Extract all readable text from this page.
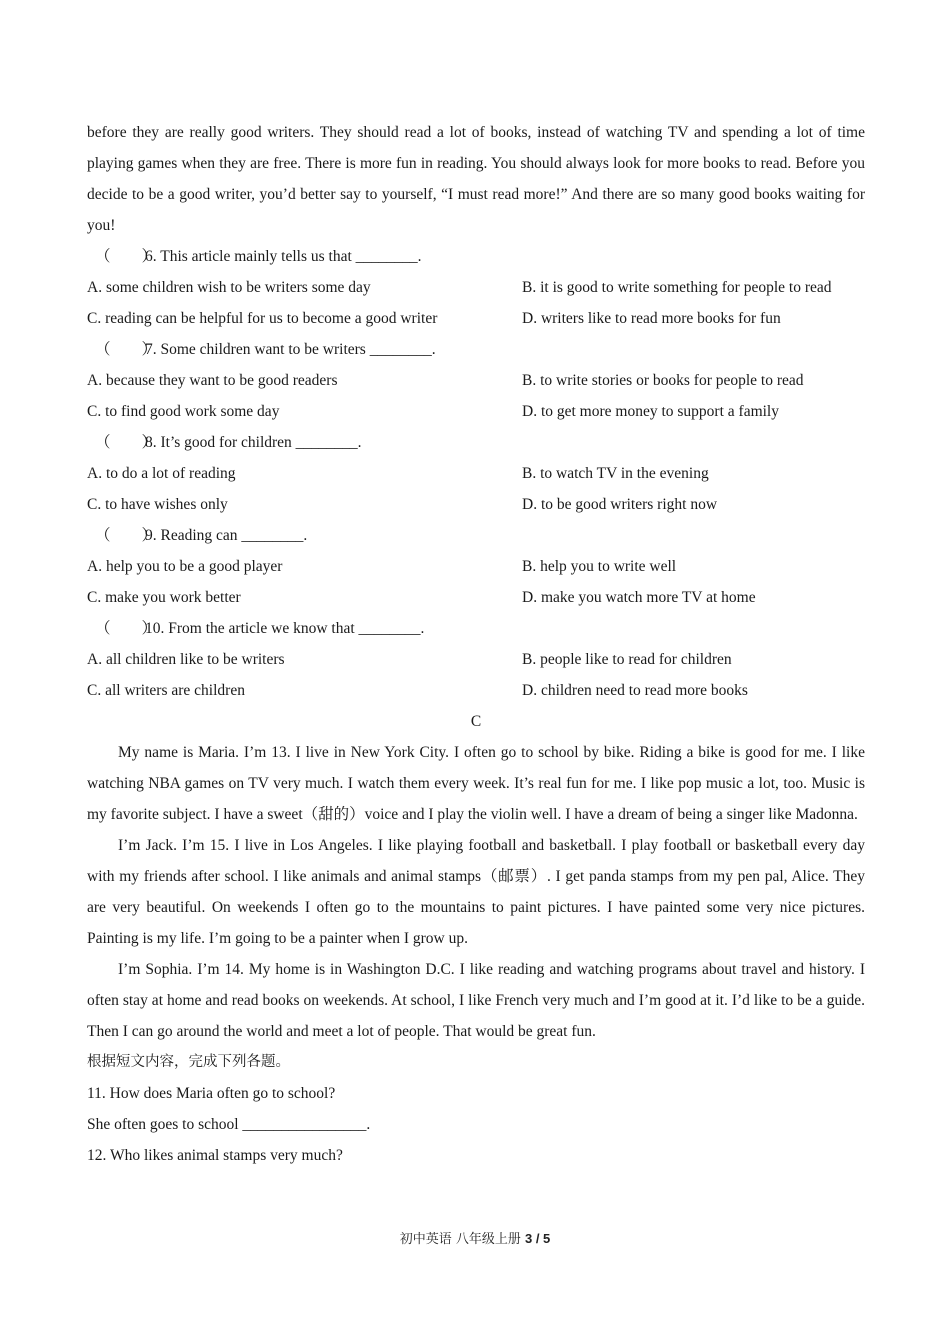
before they are really good writers. They should read a lot of books, instead of watching TV and spending a lot of time playing games when they are free. There is more fun in reading. You should always look for more books to read. Before you decide to be a good writer, you’d better say to yourself, “I must read more!” And there are so many good books waiting for you!

（　　）6. This article mainly tells us that ________.

A. some children wish to be writers some day	B. it is good to write something for people to read
C. reading can be helpful for us to become a good writer	D. writers like to read more books for fun

（　　）7. Some children want to be writers ________.

A. because they want to be good readers	B. to write stories or books for people to read
C. to find good work some day	D. to get more money to support a family

（　　）8. It’s good for children ________.

A. to do a lot of reading	B. to watch TV in the evening
C. to have wishes only	D. to be good writers right now

（　　）9. Reading can ________.

A. help you to be a good player	B. help you to write well
C. make you work better	D. make you watch more TV at home

（　　）10. From the article we know that ________.

A. all children like to be writers	B. people like to read for children
C. all writers are children	D. children need to read more books

C

My name is Maria. I’m 13. I live in New York City. I often go to school by bike. Riding a bike is good for me. I like watching NBA games on TV very much. I watch them every week. It’s real fun for me. I like pop music a lot, too. Music is my favorite subject. I have a sweet（甜的）voice and I play the violin well. I have a dream of being a singer like Madonna.

I’m Jack. I’m 15. I live in Los Angeles. I like playing football and basketball. I play football or basketball every day with my friends after school. I like animals and animal stamps（邮票）. I get panda stamps from my pen pal, Alice. They are very beautiful. On weekends I often go to the mountains to paint pictures. I have painted some very nice pictures. Painting is my life. I’m going to be a painter when I grow up.

I’m Sophia. I’m 14. My home is in Washington D.C. I like reading and watching programs about travel and history. I often stay at home and read books on weekends. At school, I like French very much and I’m good at it. I’d like to be a guide. Then I can go around the world and meet a lot of people. That would be great fun.

根据短文内容，完成下列各题。

11. How does Maria often go to school?

She often goes to school ________________.

12. Who likes animal stamps very much?

初中英语 八年级上册 3 / 5
